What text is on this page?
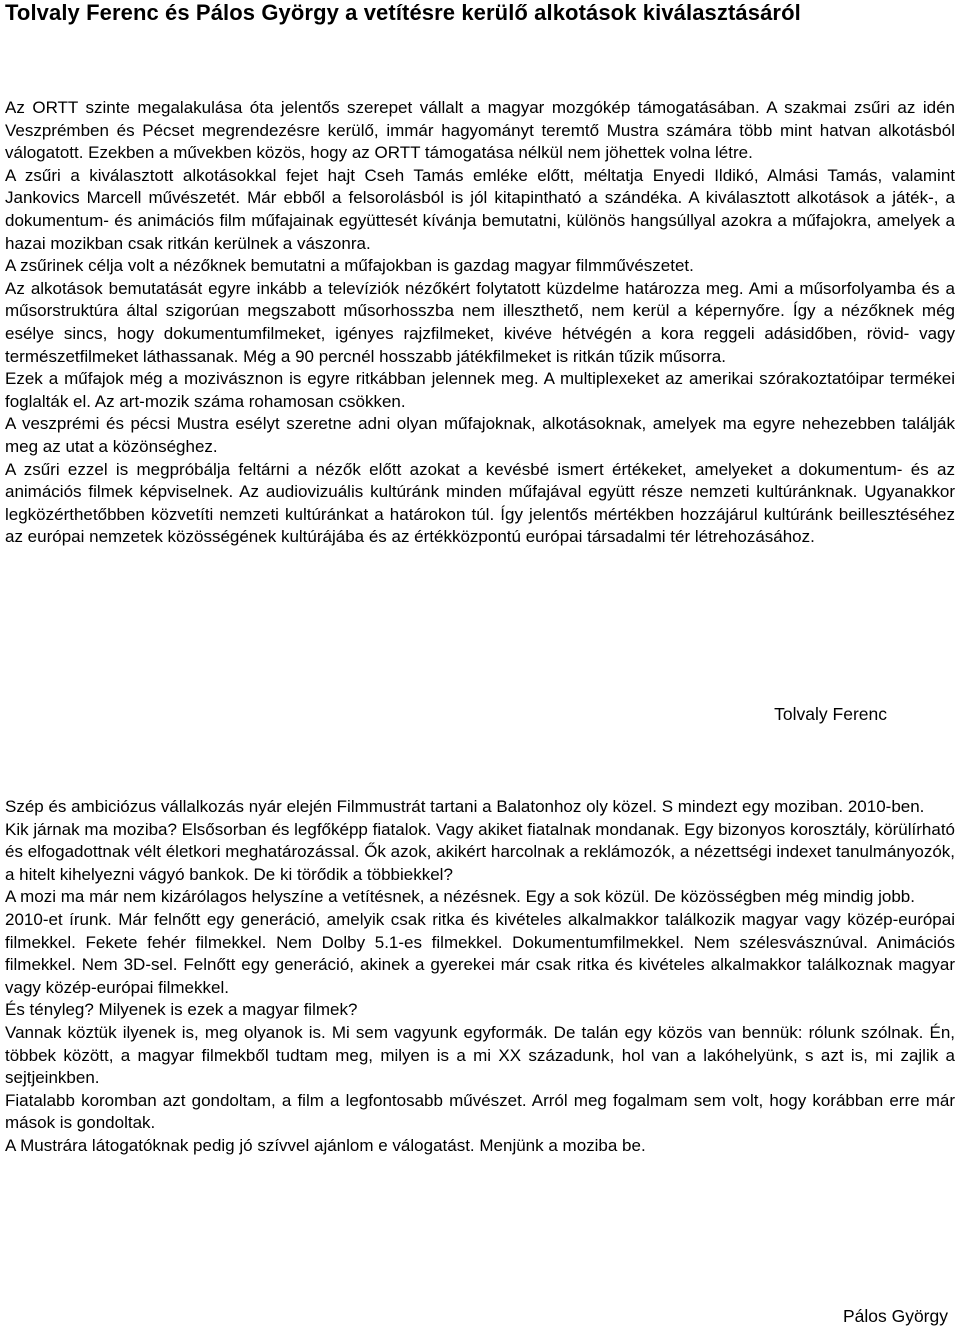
Tolvaly Ferenc és Pálos György a vetítésre kerülő alkotások kiválasztásáról

Az ORTT szinte megalakulása óta jelentős szerepet vállalt a magyar mozgókép támogatásában. A szakmai zsűri az idén Veszprémben és Pécset megrendezésre kerülő, immár hagyományt teremtő Mustra számára több mint hatvan alkotásból válogatott. Ezekben a művekben közös, hogy az ORTT támogatása nélkül nem jöhettek volna létre.

A zsűri a kiválasztott alkotásokkal fejet hajt Cseh Tamás emléke előtt, méltatja Enyedi Ildikó, Almási Tamás, valamint Jankovics Marcell művészetét. Már ebből a felsorolásból is jól kitapintható a szándéka. A kiválasztott alkotások a játék-, a dokumentum- és animációs film műfajainak együttesét kívánja bemutatni, különös hangsúllyal azokra a műfajokra, amelyek a hazai mozikban csak ritkán kerülnek a vászonra.

A zsűrinek célja volt a nézőknek bemutatni a műfajokban is gazdag magyar filmművészetet.

Az alkotások bemutatását egyre inkább a televíziók nézőkért folytatott küzdelme határozza meg. Ami a műsorfolyamba és a műsorstruktúra által szigorúan megszabott műsorhosszba nem illeszthető, nem kerül a képernyőre. Így a nézőknek még esélye sincs, hogy dokumentumfilmeket, igényes rajzfilmeket, kivéve hétvégén a kora reggeli adásidőben, rövid- vagy természetfilmeket láthassanak. Még a 90 percnél hosszabb játékfilmeket is ritkán tűzik műsorra.

Ezek a műfajok még a mozivásznon is egyre ritkábban jelennek meg. A multiplexeket az amerikai szórakoztatóipar termékei foglalták el. Az art-mozik száma rohamosan csökken.

A veszprémi és pécsi Mustra esélyt szeretne adni olyan műfajoknak, alkotásoknak, amelyek ma egyre nehezebben találják meg az utat a közönséghez.

A zsűri ezzel is megpróbálja feltárni a nézők előtt azokat a kevésbé ismert értékeket, amelyeket a dokumentum- és az animációs filmek képviselnek. Az audiovizuális kultúránk minden műfajával együtt része nemzeti kultúránknak. Ugyanakkor legközérthetőbben közvetíti nemzeti kultúránkat a határokon túl. Így jelentős mértékben hozzájárul kultúránk beillesztéséhez az európai nemzetek közösségének kultúrájába és az értékközpontú európai társadalmi tér létrehozásához.

Tolvaly Ferenc

Szép és ambiciózus vállalkozás nyár elején Filmmustrát tartani a Balatonhoz oly közel. S mindezt egy moziban. 2010-ben.

Kik járnak ma moziba? Elsősorban és legfőképp fiatalok. Vagy akiket fiatalnak mondanak. Egy bizonyos korosztály, körülírható és elfogadottnak vélt életkori meghatározással. Ők azok, akikért harcolnak a reklámozók, a nézettségi indexet tanulmányozók, a hitelt kihelyezni vágyó bankok. De ki törődik a többiekkel?

A mozi ma már nem kizárólagos helyszíne a vetítésnek, a nézésnek. Egy a sok közül. De közösségben még mindig jobb.

2010-et írunk. Már felnőtt egy generáció, amelyik csak ritka és kivételes alkalmakkor találkozik magyar vagy közép-európai filmekkel. Fekete fehér filmekkel. Nem Dolby 5.1-es filmekkel. Dokumentumfilmekkel. Nem szélesvásznúval. Animációs filmekkel. Nem 3D-sel. Felnőtt egy generáció, akinek a gyerekei már csak ritka és kivételes alkalmakkor találkoznak magyar vagy közép-európai filmekkel.

És tényleg? Milyenek is ezek a magyar filmek?

Vannak köztük ilyenek is, meg olyanok is. Mi sem vagyunk egyformák. De talán egy közös van bennük: rólunk szólnak. Én, többek között, a magyar filmekből tudtam meg, milyen is a mi XX századunk, hol van a lakóhelyünk, s azt is, mi zajlik a sejtjeinkben.

Fiatalabb koromban azt gondoltam, a film a legfontosabb művészet. Arról meg fogalmam sem volt, hogy korábban erre már mások is gondoltak.

A Mustrára látogatóknak pedig jó szívvel ajánlom e válogatást. Menjünk a moziba be.

Pálos György
